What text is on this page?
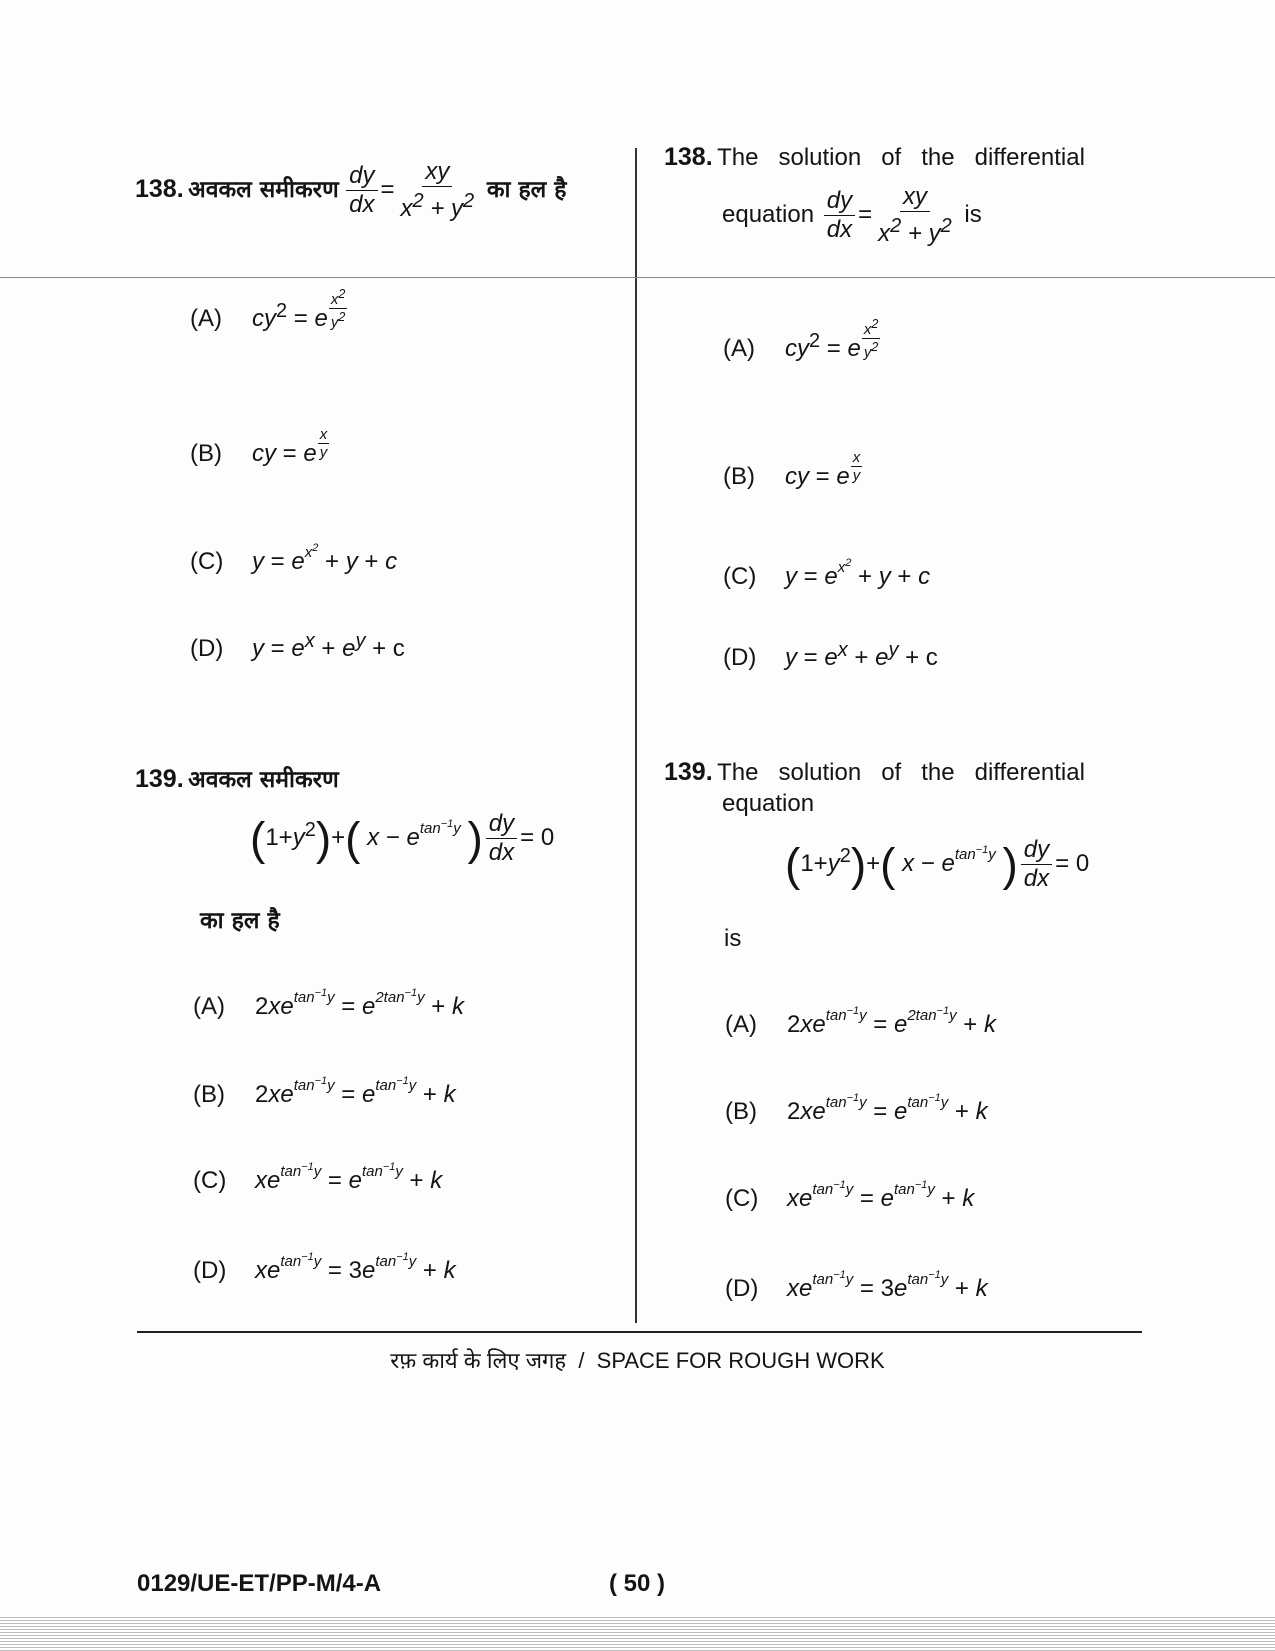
138. अवकल समीकरण $\frac{dy}{dx} = \frac{xy}{x^2 + y^2}$ का हल है
(A) $cy^2 = e \frac{x^2}{y^2}$
(B) cy = e $\frac{x}{y}$
(C) $y = e^{x^2} + y + c$
(D) $y = e^x + e^y + c$
139. अवकल समीकरण
$(1+y^2)+$( $x - e^{tan^{-1}y}$ ) $\frac{dy}{dx} = 0$
का हल है
(A) $2xe^{tan^{-1}y} = e^{2tan^{-1}y} + k$
(B) $2xe^{tan^{-1}y} = e^{tan^{-1}y} + k$
(C) $xe^{tan^{-1}y} = e^{tan^{-1}y} + k$
(D) $xe^{tan^{-1}y} = 3e^{tan^{-1}y} + k$
138. The   solution   of   the   differential
equation $\frac{dy}{dx} = \frac{xy}{x^2 + y^2}$ is
(A) $cy^2 = e \frac{x^2}{y^2}$
(B) cy = e $\frac{x}{y}$
(C) $y = e^{x^2} + y + c$
(D) $y = e^x + e^y + c$
139. The   solution   of   the   differential
equation
$(1+y^2)+$( $x - e^{tan^{-1}y}$ ) $\frac{dy}{dx} = 0$
is
(A) $2xe^{tan^{-1}y} = e^{2tan^{-1}y} + k$
(B) $2xe^{tan^{-1}y} = e^{tan^{-1}y} + k$
(C) $xe^{tan^{-1}y} = e^{tan^{-1}y} + k$
(D) $xe^{tan^{-1}y} = 3e^{tan^{-1}y} + k$
रफ़ कार्य के लिए जगह  /  SPACE FOR ROUGH WORK
0129/UE-ET/PP-M/4-A	( 50 )
